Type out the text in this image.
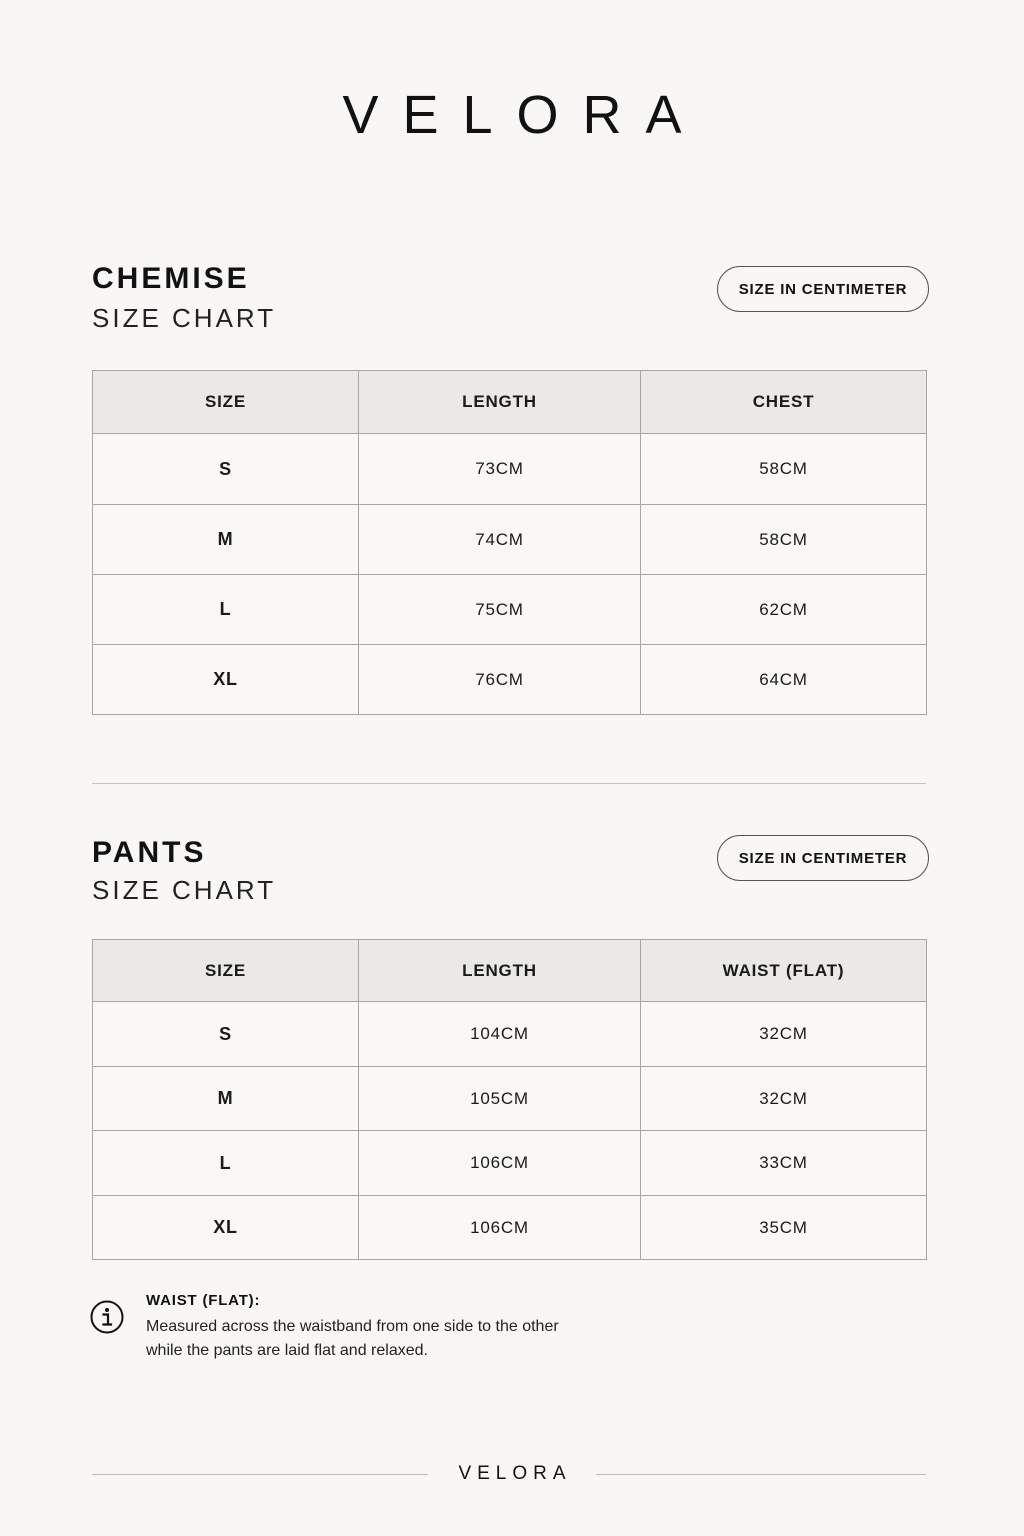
VELORA
CHEMISE
SIZE CHART
SIZE IN CENTIMETER
SIZE	LENGTH	CHEST
S	73CM	58CM
M	74CM	58CM
L	75CM	62CM
XL	76CM	64CM
PANTS
SIZE CHART
SIZE IN CENTIMETER
SIZE	LENGTH	WAIST (FLAT)
S	104CM	32CM
M	105CM	32CM
L	106CM	33CM
XL	106CM	35CM
WAIST (FLAT):
Measured across the waistband from one side to the other
while the pants are laid flat and relaxed.
VELORA
